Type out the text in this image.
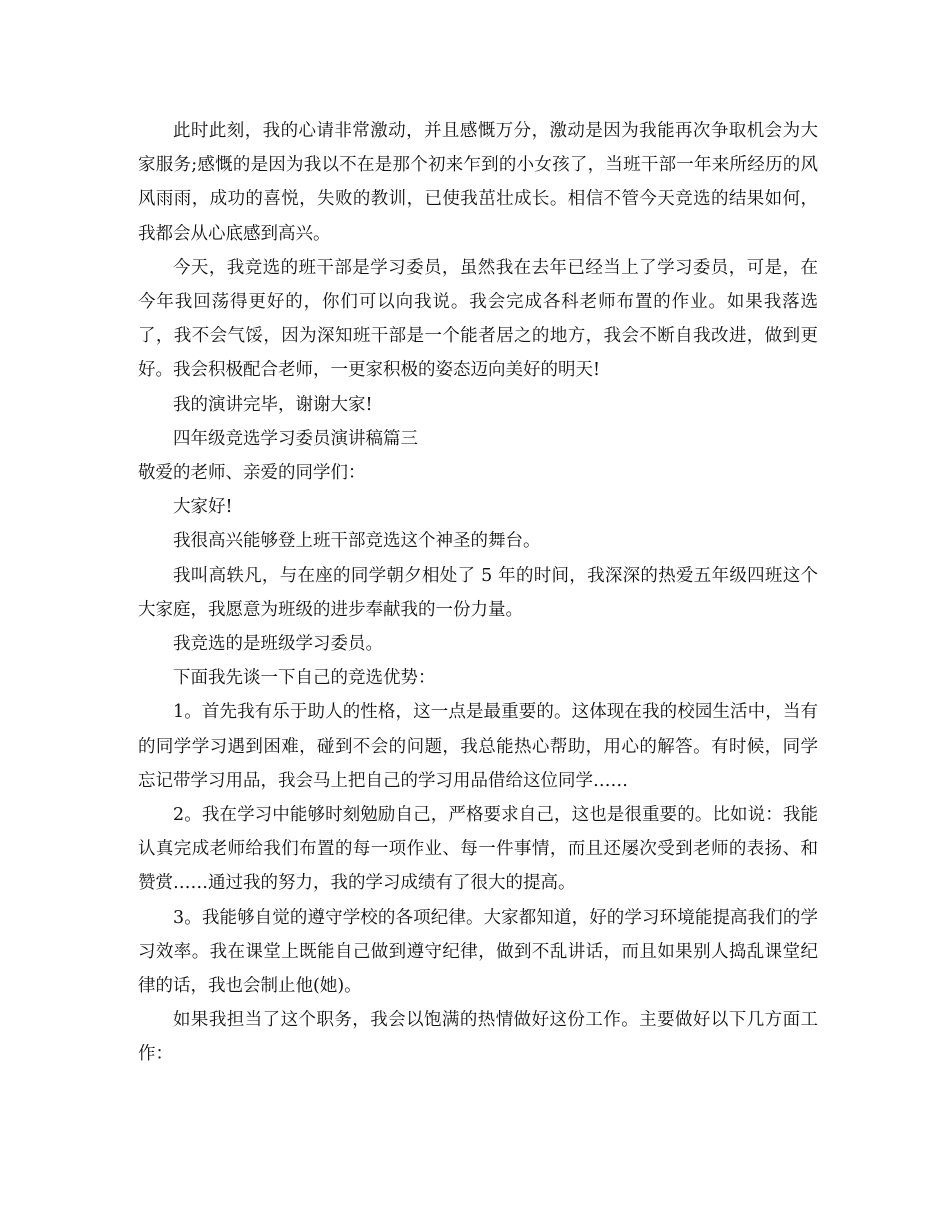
此时此刻，我的心请非常激动，并且感慨万分，激动是因为我能再次争取机会为大家服务;感慨的是因为我以不在是那个初来乍到的小女孩了，当班干部一年来所经历的风风雨雨，成功的喜悦，失败的教训，已使我茁壮成长。相信不管今天竞选的结果如何，我都会从心底感到高兴。

今天，我竞选的班干部是学习委员，虽然我在去年已经当上了学习委员，可是，在今年我回荡得更好的，你们可以向我说。我会完成各科老师布置的作业。如果我落选了，我不会气馁，因为深知班干部是一个能者居之的地方，我会不断自我改进，做到更好。我会积极配合老师，一更家积极的姿态迈向美好的明天!

我的演讲完毕，谢谢大家!

四年级竞选学习委员演讲稿篇三

敬爱的老师、亲爱的同学们：

大家好!

我很高兴能够登上班干部竞选这个神圣的舞台。

我叫高轶凡，与在座的同学朝夕相处了 5 年的时间，我深深的热爱五年级四班这个大家庭，我愿意为班级的进步奉献我的一份力量。

我竞选的是班级学习委员。

下面我先谈一下自己的竞选优势：

1。首先我有乐于助人的性格，这一点是最重要的。这体现在我的校园生活中，当有的同学学习遇到困难，碰到不会的问题，我总能热心帮助，用心的解答。有时候，同学忘记带学习用品，我会马上把自己的学习用品借给这位同学……

2。我在学习中能够时刻勉励自己，严格要求自己，这也是很重要的。比如说：我能认真完成老师给我们布置的每一项作业、每一件事情，而且还屡次受到老师的表扬、和赞赏……通过我的努力，我的学习成绩有了很大的提高。

3。我能够自觉的遵守学校的各项纪律。大家都知道，好的学习环境能提高我们的学习效率。我在课堂上既能自己做到遵守纪律，做到不乱讲话，而且如果别人捣乱课堂纪律的话，我也会制止他(她)。

如果我担当了这个职务，我会以饱满的热情做好这份工作。主要做好以下几方面工作：
